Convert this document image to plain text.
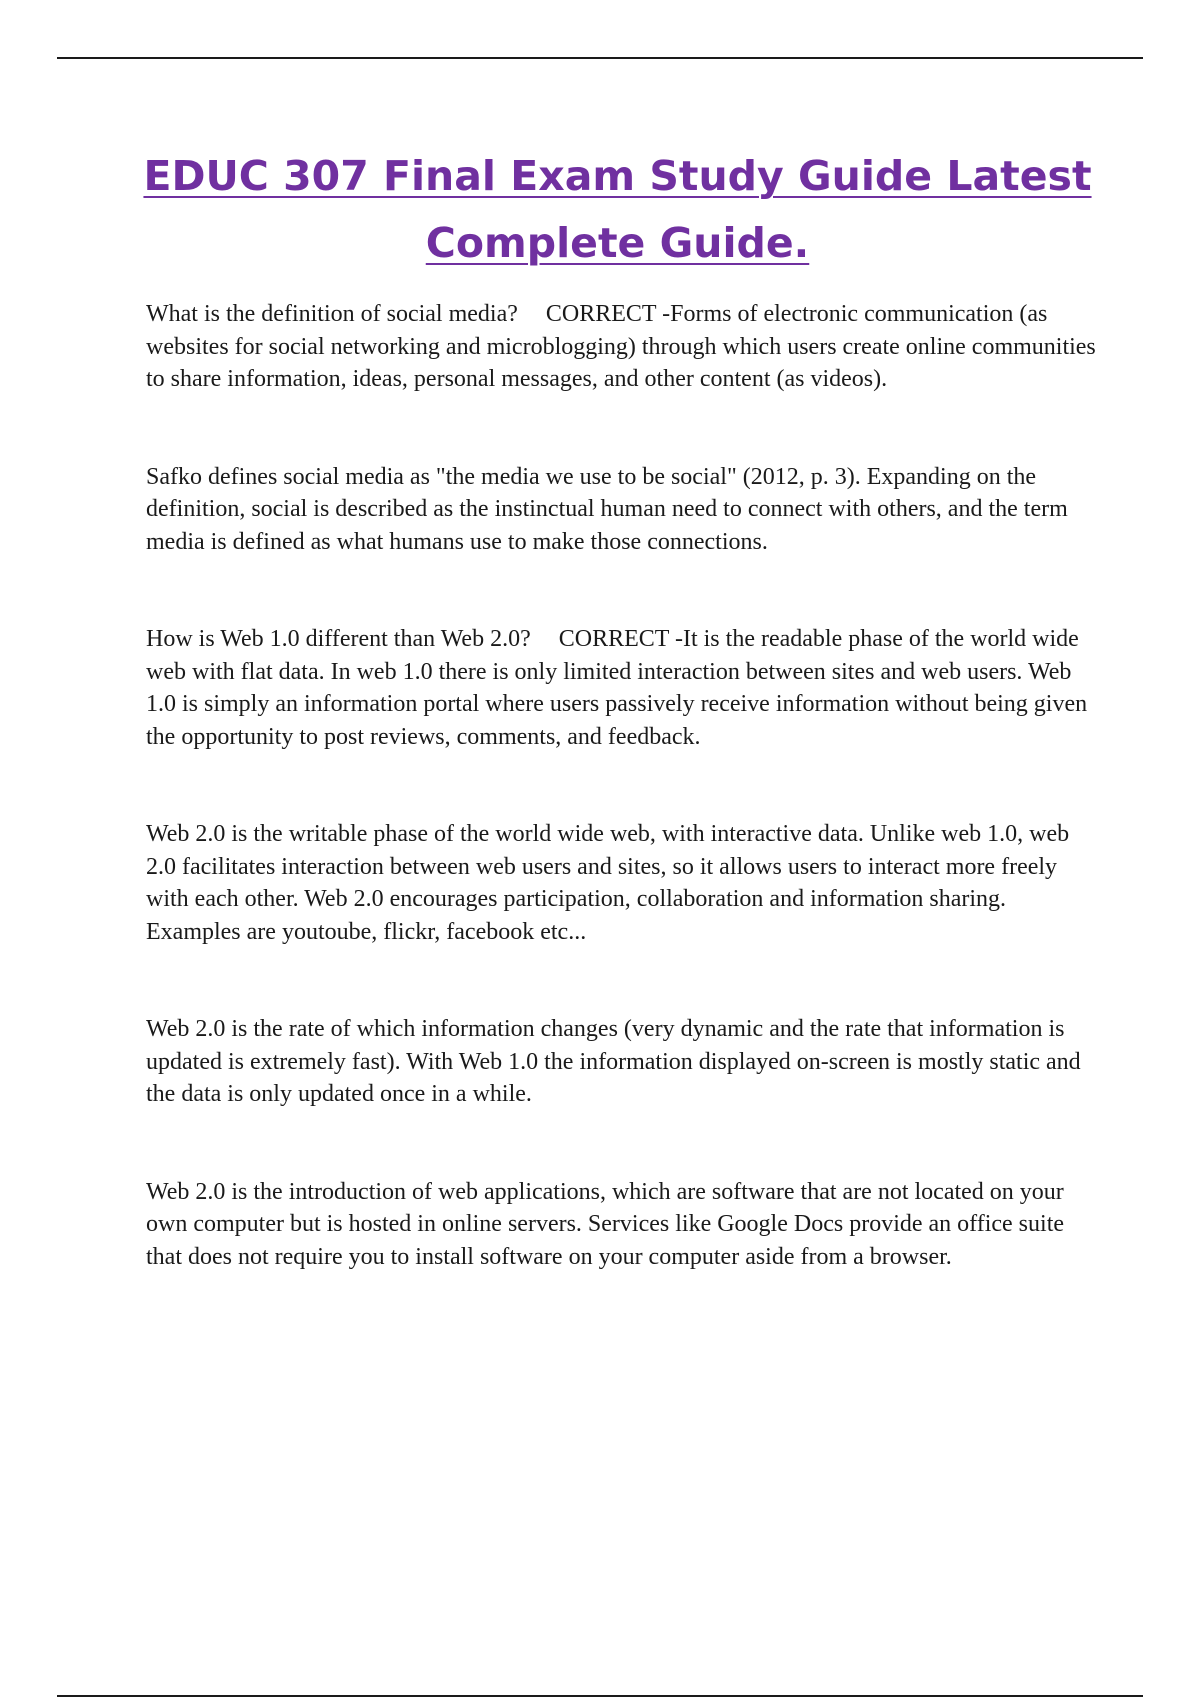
EDUC 307 Final Exam Study Guide Latest
Complete Guide.

What is the definition of social media? CORRECT -Forms of electronic communication (as websites for social networking and microblogging) through which users create online communities to share information, ideas, personal messages, and other content (as videos).

Safko defines social media as "the media we use to be social" (2012, p. 3). Expanding on the definition, social is described as the instinctual human need to connect with others, and the term media is defined as what humans use to make those connections.

How is Web 1.0 different than Web 2.0? CORRECT -It is the readable phase of the world wide web with flat data. In web 1.0 there is only limited interaction between sites and web users. Web 1.0 is simply an information portal where users passively receive information without being given the opportunity to post reviews, comments, and feedback.

Web 2.0 is the writable phase of the world wide web, with interactive data. Unlike web 1.0, web 2.0 facilitates interaction between web users and sites, so it allows users to interact more freely with each other. Web 2.0 encourages participation, collaboration and information sharing. Examples are youtoube, flickr, facebook etc...

Web 2.0 is the rate of which information changes (very dynamic and the rate that information is updated is extremely fast). With Web 1.0 the information displayed on-screen is mostly static and the data is only updated once in a while.

Web 2.0 is the introduction of web applications, which are software that are not located on your own computer but is hosted in online servers. Services like Google Docs provide an office suite that does not require you to install software on your computer aside from a browser.
